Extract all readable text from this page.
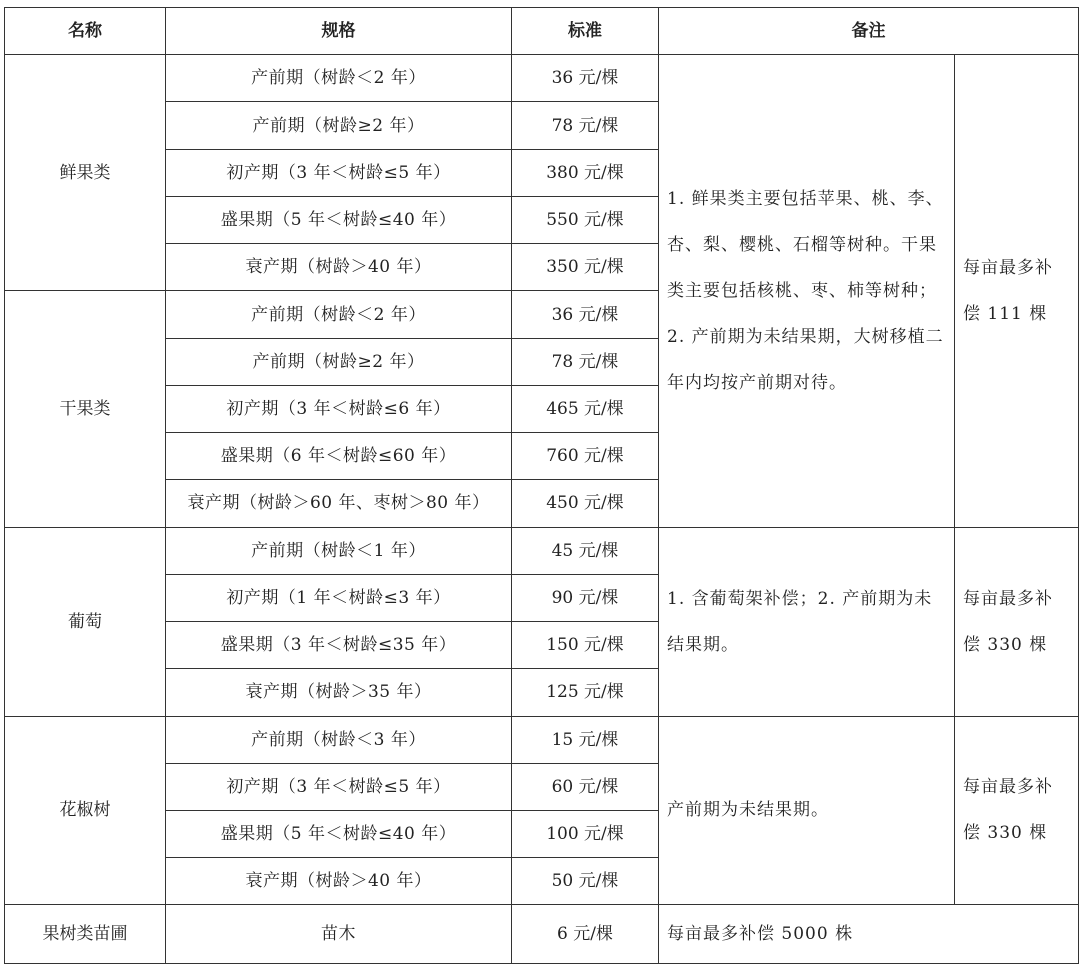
名称	规格	标准	备注	
鲜果类	产前期（树龄＜2 年）	36 元/棵	1. 鲜果类主要包括苹果、桃、李、杏、梨、樱桃、石榴等树种。干果类主要包括核桃、枣、柿等树种；2. 产前期为未结果期，大树移植二年内均按产前期对待。	每亩最多补偿 111 棵
	产前期（树龄≥2 年）	78 元/棵		
	初产期（3 年＜树龄≤5 年）	380 元/棵		
	盛果期（5 年＜树龄≤40 年）	550 元/棵		
	衰产期（树龄＞40 年）	350 元/棵		
干果类	产前期（树龄＜2 年）	36 元/棵		
	产前期（树龄≥2 年）	78 元/棵		
	初产期（3 年＜树龄≤6 年）	465 元/棵		
	盛果期（6 年＜树龄≤60 年）	760 元/棵		
	衰产期（树龄＞60 年、枣树＞80 年）	450 元/棵		
葡萄	产前期（树龄＜1 年）	45 元/棵	1. 含葡萄架补偿；2. 产前期为未结果期。	每亩最多补偿 330 棵
	初产期（1 年＜树龄≤3 年）	90 元/棵		
	盛果期（3 年＜树龄≤35 年）	150 元/棵		
	衰产期（树龄＞35 年）	125 元/棵		
花椒树	产前期（树龄＜3 年）	15 元/棵	产前期为未结果期。	每亩最多补偿 330 棵
	初产期（3 年＜树龄≤5 年）	60 元/棵		
	盛果期（5 年＜树龄≤40 年）	100 元/棵		
	衰产期（树龄＞40 年）	50 元/棵		
果树类苗圃	苗木	6 元/棵	每亩最多补偿 5000 株	
